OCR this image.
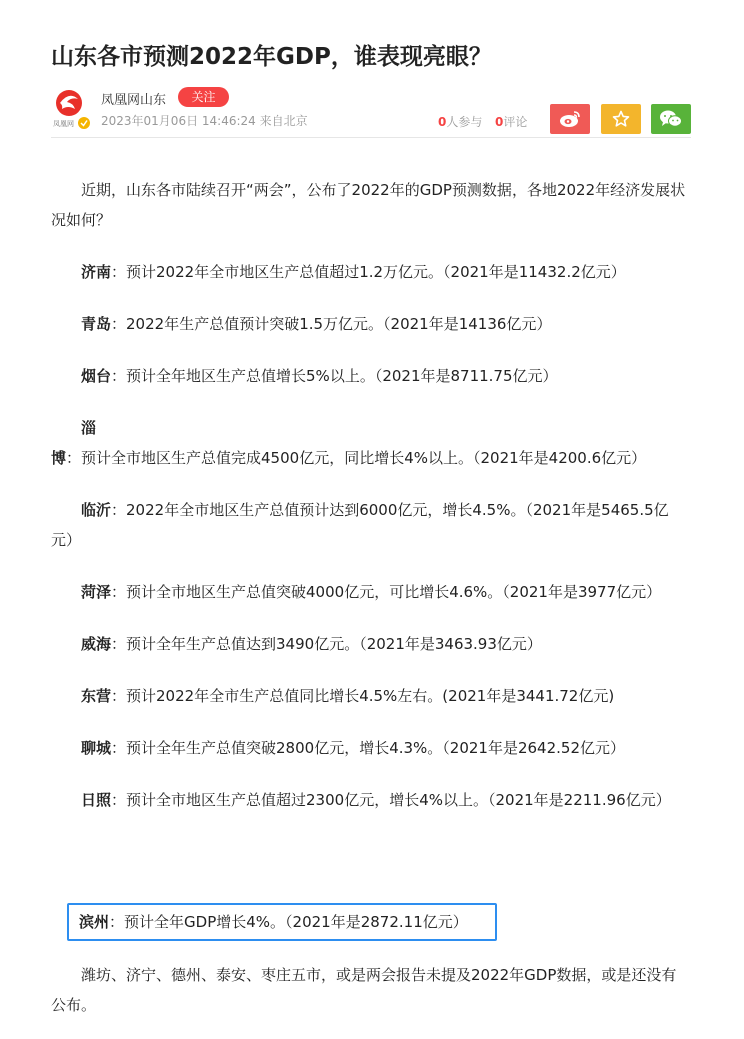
山东各市预测2022年GDP，谁表现亮眼？
凤凰网
凤凰网山东	关注
2023年01月06日 14:46:24 来自北京	0人参与 0评论

近期，山东各市陆续召开“两会”，公布了2022年的GDP预测数据，各地2022年经济发展状况如何？

济南：预计2022年全市地区生产总值超过1.2万亿元。（2021年是11432.2亿元）

青岛：2022年生产总值预计突破1.5万亿元。（2021年是14136亿元）

烟台：预计全年地区生产总值增长5%以上。（2021年是8711.75亿元）

淄博：预计全市地区生产总值完成4500亿元，同比增长4%以上。（2021年是4200.6亿元）

临沂：2022年全市地区生产总值预计达到6000亿元，增长4.5%。（2021年是5465.5亿元）

菏泽：预计全市地区生产总值突破4000亿元，可比增长4.6%。（2021年是3977亿元）

威海：预计全年生产总值达到3490亿元。（2021年是3463.93亿元）

东营：预计2022年全市生产总值同比增长4.5%左右。(2021年是3441.72亿元)

聊城：预计全年生产总值突破2800亿元，增长4.3%。（2021年是2642.52亿元）

日照：预计全市地区生产总值超过2300亿元，增长4%以上。（2021年是2211.96亿元）

滨州：预计全年GDP增长4%。（2021年是2872.11亿元）

潍坊、济宁、德州、泰安、枣庄五市，或是两会报告未提及2022年GDP数据，或是还没有公布。
